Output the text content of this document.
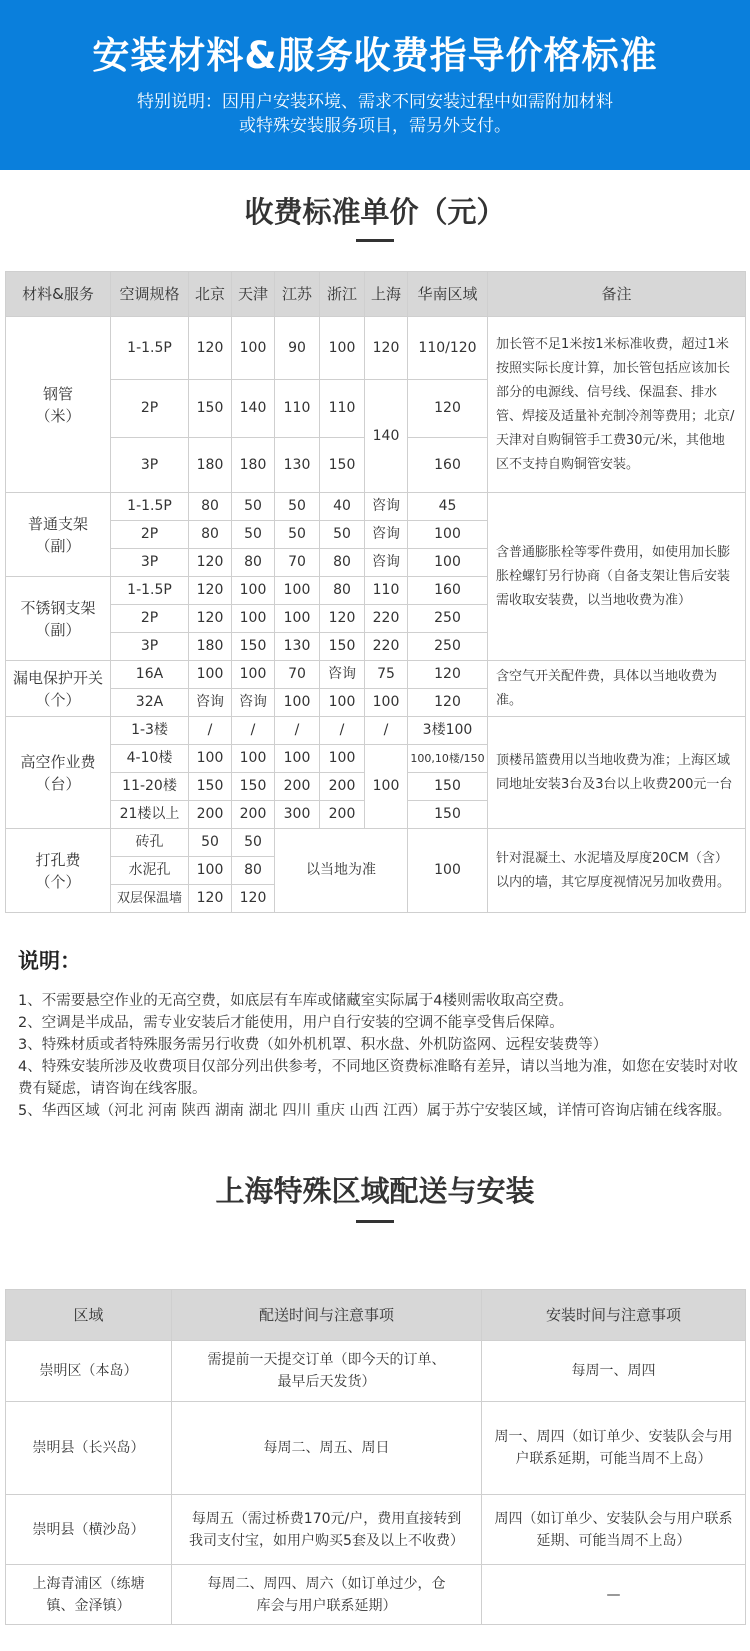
安装材料&服务收费指导价格标准
特别说明：因用户安装环境、需求不同安装过程中如需附加材料
或特殊安装服务项目，需另外支付。
收费标准单价（元）
材料&服务	空调规格	北京	天津	江苏	浙江	上海	华南区域	备注

钢管
（米）	1-1.5P	120	100	90	100	120	110/120	加长管不足1米按1米标准收费，超过1米按照实际长度计算，加长管包括应该加长部分的电源线、信号线、保温套、排水管、焊接及适量补充制冷剂等费用；北京/天津对自购铜管手工费30元/米，其他地区不支持自购铜管安装。
	2P	150	140	110	110	140	120	
	3P	180	180	130	150		160	

普通支架
（副）	1-1.5P	80	50	50	40	咨询	45	含普通膨胀栓等零件费用，如使用加长膨胀栓螺钉另行协商（自备支架让售后安装需收取安装费，以当地收费为准）
	2P	80	50	50	50	咨询	100	
	3P	120	80	70	80	咨询	100	

不锈钢支架
（副）	1-1.5P	120	100	100	80	110	160	
	2P	120	100	100	120	220	250	
	3P	180	150	130	150	220	250	

漏电保护开关
（个）	16A	100	100	70	咨询	75	120	含空气开关配件费，具体以当地收费为准。
	32A	咨询	咨询	100	100	100	120	

高空作业费
（台）	1-3楼	/	/	/	/	/	3楼100	顶楼吊篮费用以当地收费为准；上海区域同地址安装3台及3台以上收费200元一台
	4-10楼	100	100	100	100	100	100,10楼/150	
	11-20楼	150	150	200	200		150	
	21楼以上	200	200	300	200		150	

打孔费
（个）	砖孔	50	50	以当地为准			100	针对混凝土、水泥墙及厚度20CM（含）以内的墙，其它厚度视情况另加收费用。
	水泥孔	100	80					
	双层保温墙	120	120					
说明：
1、不需要悬空作业的无高空费，如底层有车库或储藏室实际属于4楼则需收取高空费。
2、空调是半成品，需专业安装后才能使用，用户自行安装的空调不能享受售后保障。
3、特殊材质或者特殊服务需另行收费（如外机机罩、积水盘、外机防盗网、远程安装费等）
4、特殊安装所涉及收费项目仅部分列出供参考，不同地区资费标准略有差异，请以当地为准，如您在安装时对收费有疑虑，请咨询在线客服。
5、华西区域（河北 河南 陕西 湖南 湖北 四川 重庆 山西 江西）属于苏宁安装区域，详情可咨询店铺在线客服。
上海特殊区域配送与安装
区域	配送时间与注意事项	安装时间与注意事项
崇明区（本岛）	需提前一天提交订单（即今天的订单、最早后天发货）	每周一、周四
崇明县（长兴岛）	每周二、周五、周日	周一、周四（如订单少、安装队会与用户联系延期，可能当周不上岛）
崇明县（横沙岛）	每周五（需过桥费170元/户，费用直接转到我司支付宝，如用户购买5套及以上不收费）	周四（如订单少、安装队会与用户联系延期、可能当周不上岛）
上海青浦区（练塘镇、金泽镇）	每周二、周四、周六（如订单过少，仓库会与用户联系延期）	—
